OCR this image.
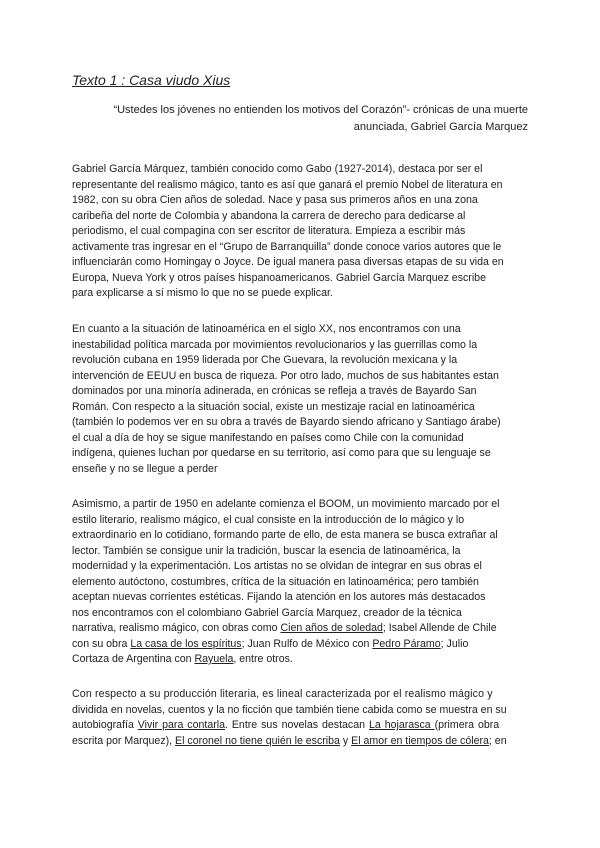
Texto 1 : Casa viudo Xius
“Ustedes los jóvenes no entienden los motivos del Corazón”- crónicas de una muerte
anunciada, Gabriel García Marquez
Gabriel García Márquez, también conocido como Gabo (1927-2014), destaca por ser el
representante del realismo mágico, tanto es así que ganará el premio Nobel de literatura en
1982, con su obra Cien años de soledad. Nace y pasa sus primeros años en una zona
caribeña del norte de Colombia y abandona la carrera de derecho para dedicarse al
periodismo, el cual compagina con ser escritor de literatura. Empieza a escribir más
activamente tras ingresar en el “Grupo de Barranquilla” donde conoce varios autores que le
influenciarán como Homingay o Joyce. De igual manera pasa diversas etapas de su vida en
Europa, Nueva York y otros países hispanoamericanos. Gabriel García Marquez escribe
para explicarse a sí mismo lo que no se puede explicar.
En cuanto a la situación de latinoamérica en el siglo XX, nos encontramos con una
inestabilidad política marcada por movimientos revolucionarios y las guerrillas como la
revolución cubana en 1959 liderada por Che Guevara, la revolución mexicana y la
intervención de EEUU en busca de riqueza. Por otro lado, muchos de sus habitantes estan
dominados por una minoría adinerada, en crónicas se refleja a través de Bayardo San
Román. Con respecto a la situación social, existe un mestizaje racial en latinoamérica
(también lo podemos ver en su obra a través de Bayardo siendo africano y Santiago árabe)
el cual a día de hoy se sigue manifestando en países como Chile con la comunidad
indígena, quienes luchan por quedarse en su territorio, así como para que su lenguaje se
enseñe y no se llegue a perder
Asimismo, a partir de 1950 en adelante comienza el BOOM, un movimiento marcado por el
estilo literario, realismo mágico, el cual consiste en la introducción de lo mágico y lo
extraordinario en lo cotidiano, formando parte de ello, de esta manera se busca extrañar al
lector. También se consigue unir la tradición, buscar la esencia de latinoamérica, la
modernidad y la experimentación. Los artistas no se olvidan de integrar en sus obras el
elemento autóctono, costumbres, crítica de la situación en latinoamérica; pero también
aceptan nuevas corrientes estéticas. Fijando la atención en los autores más destacados
nos encontramos con el colombiano Gabriel García Marquez, creador de la técnica
narrativa, realismo mágico, con obras como Cien años de soledad; Isabel Allende de Chile
con su obra La casa de los espíritus; Juan Rulfo de México con Pedro Páramo; Julio
Cortaza de Argentina con Rayuela, entre otros.
Con respecto a su producción literaria, es lineal caracterizada por el realismo mágico y
dividida en novelas, cuentos y la no ficción que también tiene cabida como se muestra en su
autobiografía Vivir para contarla. Entre sus novelas destacan La hojarasca (primera obra
escrita por Marquez), El coronel no tiene quién le escriba y El amor en tiempos de cólera; en
